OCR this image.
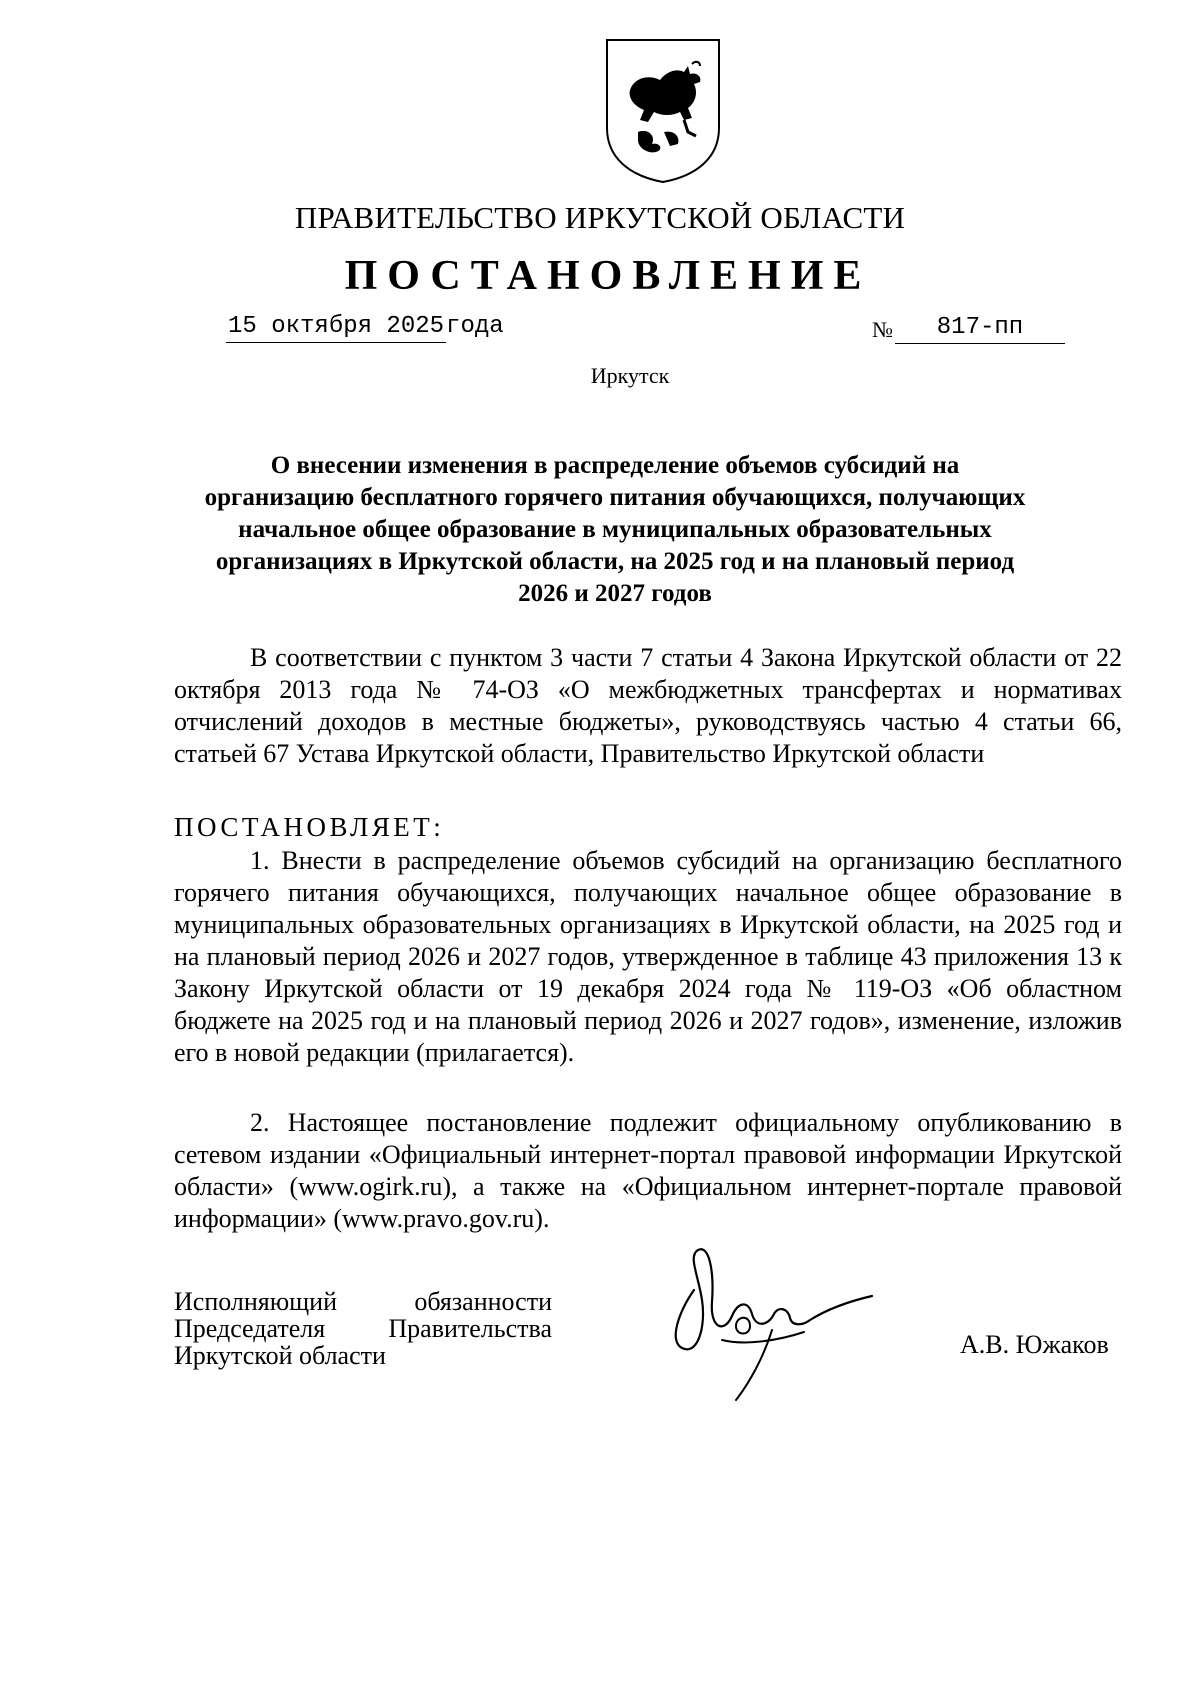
ПРАВИТЕЛЬСТВО ИРКУТСКОЙ ОБЛАСТИ
ПОСТАНОВЛЕНИЕ
15 октября 2025года	№ 817-пп
Иркутск
О внесении изменения в распределение объемов субсидий на
организацию бесплатного горячего питания обучающихся, получающих
начальное общее образование в муниципальных образовательных
организациях в Иркутской области, на 2025 год и на плановый период
2026 и 2027 годов
В соответствии с пунктом 3 части 7 статьи 4 Закона Иркутской области от 22 октября 2013 года № 74-ОЗ «О межбюджетных трансфертах и нормативах отчислений доходов в местные бюджеты», руководствуясь частью 4 статьи 66, статьей 67 Устава Иркутской области, Правительство Иркутской области
ПОСТАНОВЛЯЕТ:
1. Внести в распределение объемов субсидий на организацию бесплатного горячего питания обучающихся, получающих начальное общее образование в муниципальных образовательных организациях в Иркутской области, на 2025 год и на плановый период 2026 и 2027 годов, утвержденное в таблице 43 приложения 13 к Закону Иркутской области от 19 декабря 2024 года № 119-ОЗ «Об областном бюджете на 2025 год и на плановый период 2026 и 2027 годов», изменение, изложив его в новой редакции (прилагается).
2. Настоящее постановление подлежит официальному опубликованию в сетевом издании «Официальный интернет-портал правовой информации Иркутской области» (www.ogirk.ru), а также на «Официальном интернет-портале правовой информации» (www.pravo.gov.ru).
Исполняющий	обязанности
Председателя Правительства
Иркутской области	А.В. Южаков
